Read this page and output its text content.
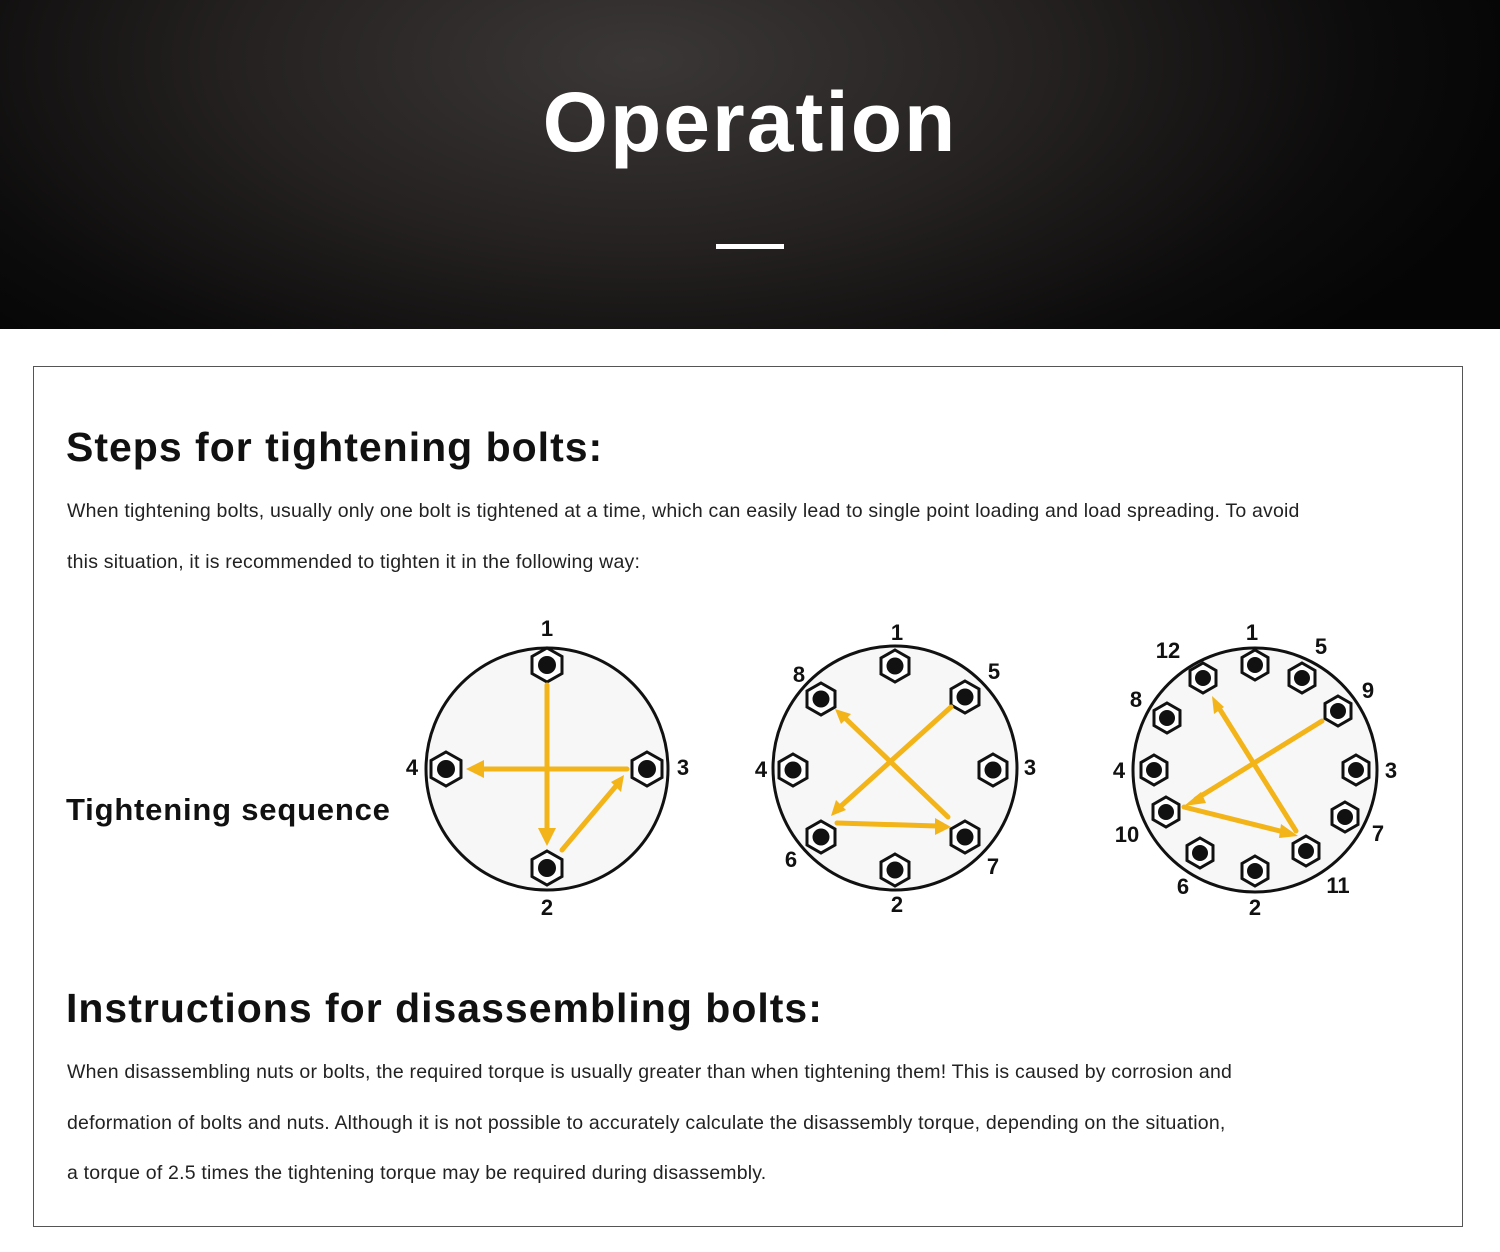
Operation
Steps for tightening bolts:

When tightening bolts, usually only one bolt is tightened at a time, which can easily lead to single point loading and load spreading. To avoid

this situation, it is recommended to tighten it in the following way:

Tightening sequence
1
2
3
4
1
2
3
4
5
6	7
8
1
2
3
4
5
6
7
8	9
10
11
12
Instructions for disassembling bolts:

When disassembling nuts or bolts, the required torque is usually greater than when tightening them! This is caused by corrosion and

deformation of bolts and nuts. Although it is not possible to accurately calculate the disassembly torque, depending on the situation,

a torque of 2.5 times the tightening torque may be required during disassembly.
